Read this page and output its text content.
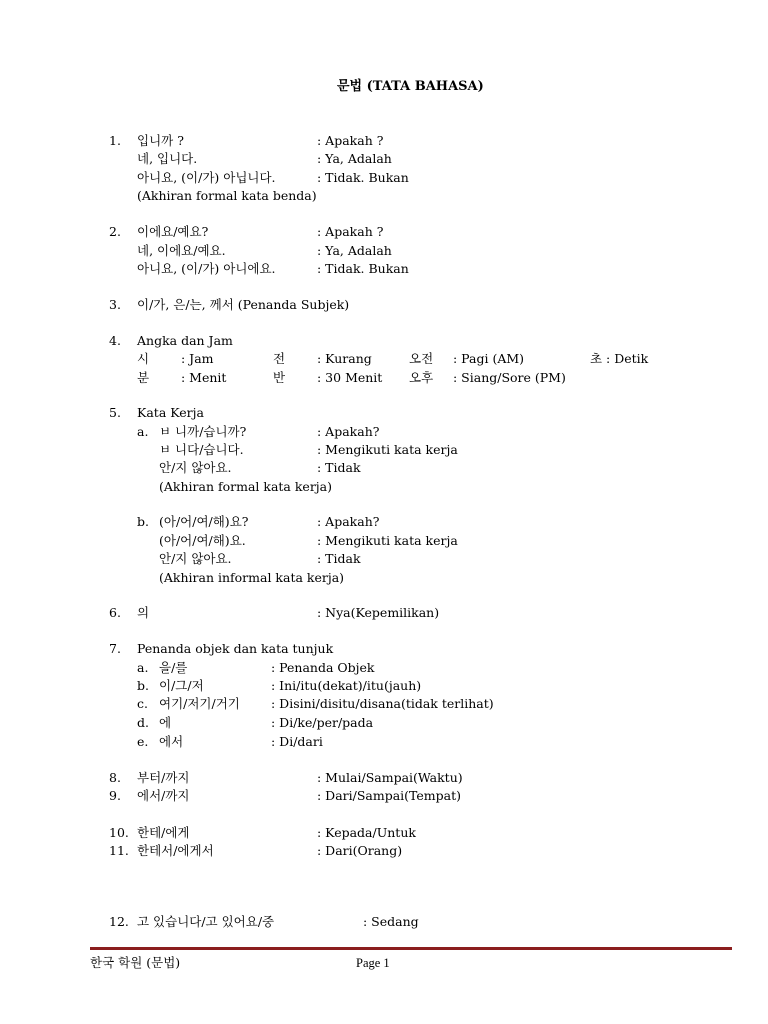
문법 (TATA BAHASA)
1. 입니까 ?	: Apakah ?
네, 입니다.	: Ya, Adalah
아니요, (이/가) 아닙니다.	: Tidak. Bukan
(Akhiran formal kata benda)
2. 이에요/예요?	: Apakah ?
네, 이에요/예요.	: Ya, Adalah
아니요, (이/가) 아니에요.	: Tidak. Bukan
3. 이/가, 은/는, 께서 (Penanda Subjek)
4. Angka dan Jam
시	: Jam	전	: Kurang	오전 : Pagi (AM)	초 : Detik
분	: Menit	반	: 30 Menit 오후 : Siang/Sore (PM)
5. Kata Kerja
a. ㅂ 니까/습니까?	: Apakah?
ㅂ 니다/습니다.	: Mengikuti kata kerja
안/지 않아요.	: Tidak
(Akhiran formal kata kerja)
b. (아/어/여/해)요?	: Apakah?
(아/어/여/해)요.	: Mengikuti kata kerja
안/지 않아요.	: Tidak
(Akhiran informal kata kerja)
6. 의	: Nya(Kepemilikan)
7. Penanda objek dan kata tunjuk
a. 을/를	: Penanda Objek
b. 이/그/저	: Ini/itu(dekat)/itu(jauh)
c. 여기/저기/거기 : Disini/disitu/disana(tidak terlihat)
d. 에	: Di/ke/per/pada
e. 에서	: Di/dari
8. 부터/까지	: Mulai/Sampai(Waktu)
9. 에서/까지	: Dari/Sampai(Tempat)
10. 한테/에게	: Kepada/Untuk
11. 한테서/에게서	: Dari(Orang)
12. 고 있습니다/고 있어요/중	: Sedang
한국 학원 (문법)	Page 1
